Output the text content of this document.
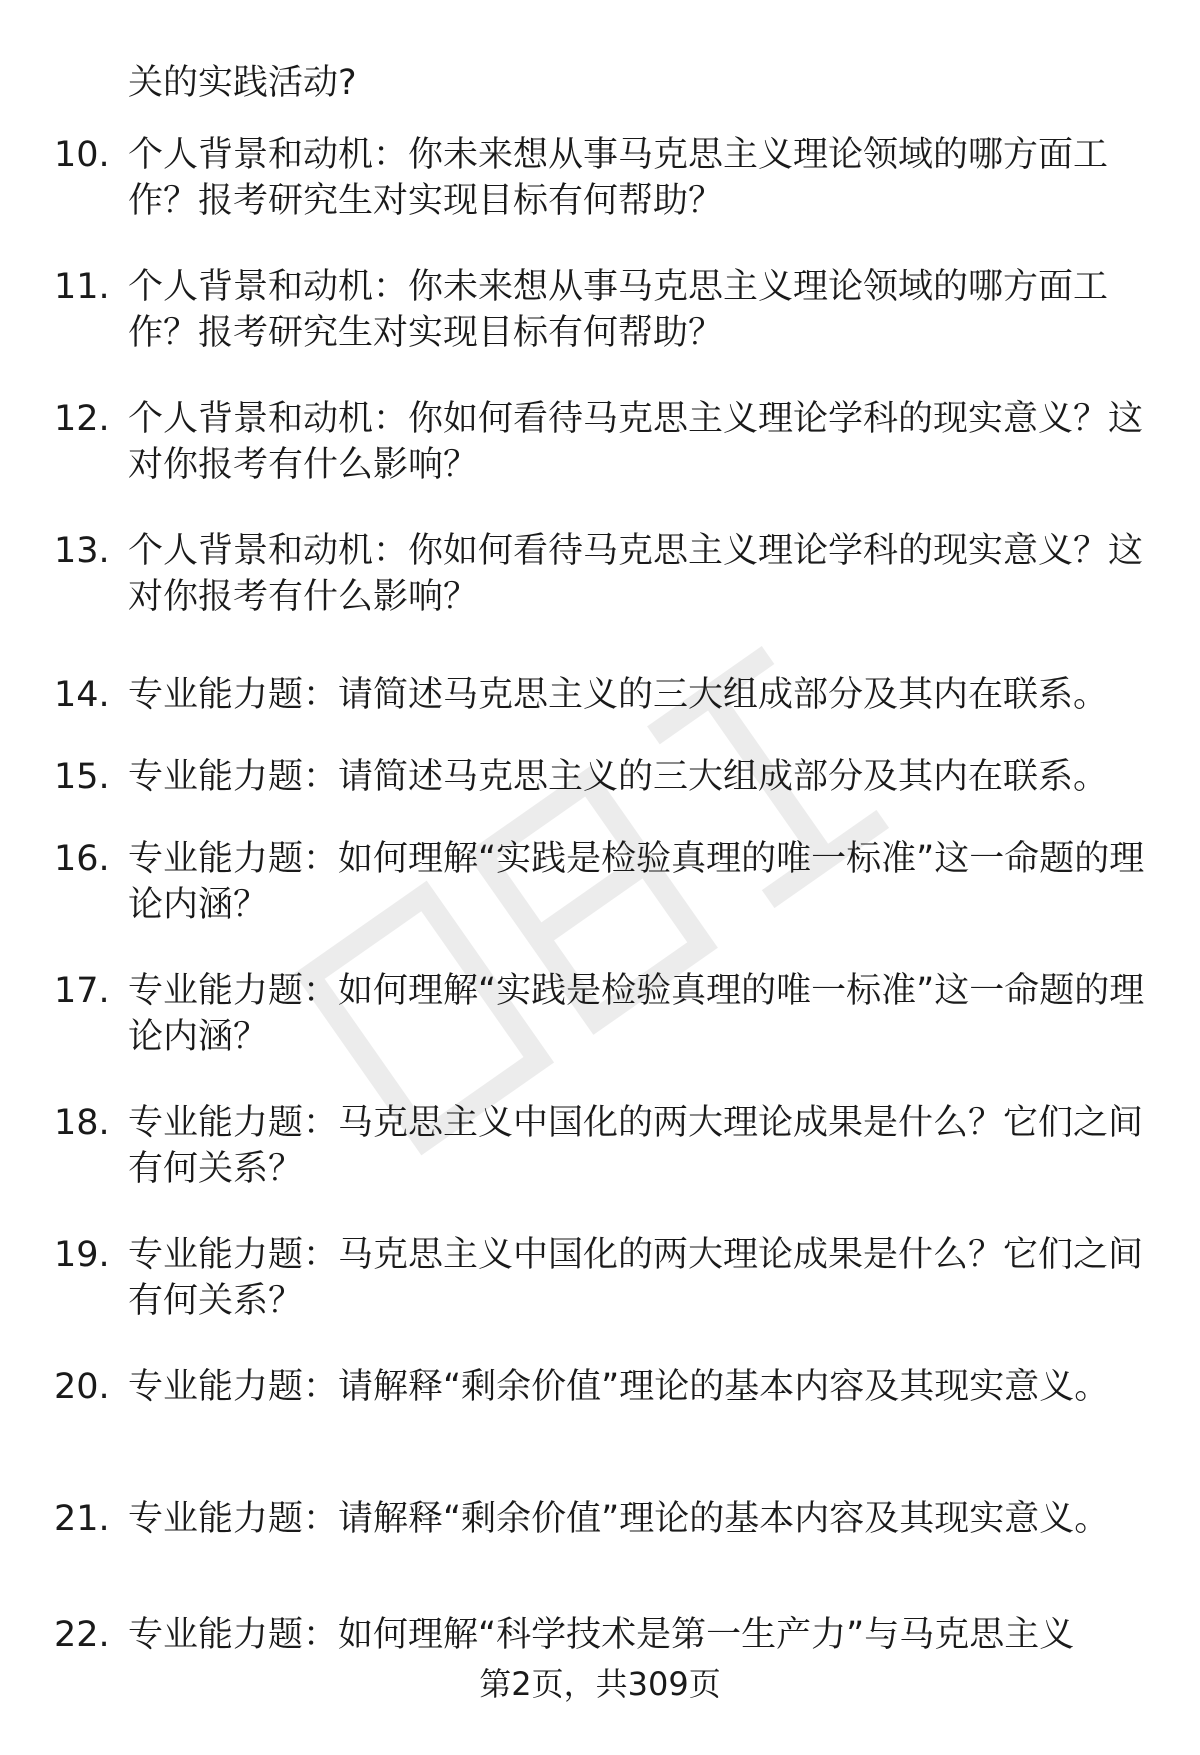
关的实践活动?

10. 个人背景和动机：你未来想从事马克思主义理论领域的哪方面工作？报考研究生对实现目标有何帮助？
11. 个人背景和动机：你未来想从事马克思主义理论领域的哪方面工作？报考研究生对实现目标有何帮助？
12. 个人背景和动机：你如何看待马克思主义理论学科的现实意义？这对你报考有什么影响？
13. 个人背景和动机：你如何看待马克思主义理论学科的现实意义？这对你报考有什么影响？
14. 专业能力题：请简述马克思主义的三大组成部分及其内在联系。
15. 专业能力题：请简述马克思主义的三大组成部分及其内在联系。
16. 专业能力题：如何理解“实践是检验真理的唯一标准”这一命题的理论内涵？
17. 专业能力题：如何理解“实践是检验真理的唯一标准”这一命题的理论内涵？
18. 专业能力题：马克思主义中国化的两大理论成果是什么？它们之间有何关系？
19. 专业能力题：马克思主义中国化的两大理论成果是什么？它们之间有何关系？
20. 专业能力题：请解释“剩余价值”理论的基本内容及其现实意义。
21. 专业能力题：请解释“剩余价值”理论的基本内容及其现实意义。
22. 专业能力题：如何理解“科学技术是第一生产力”与马克思主义
第2页，共309页
